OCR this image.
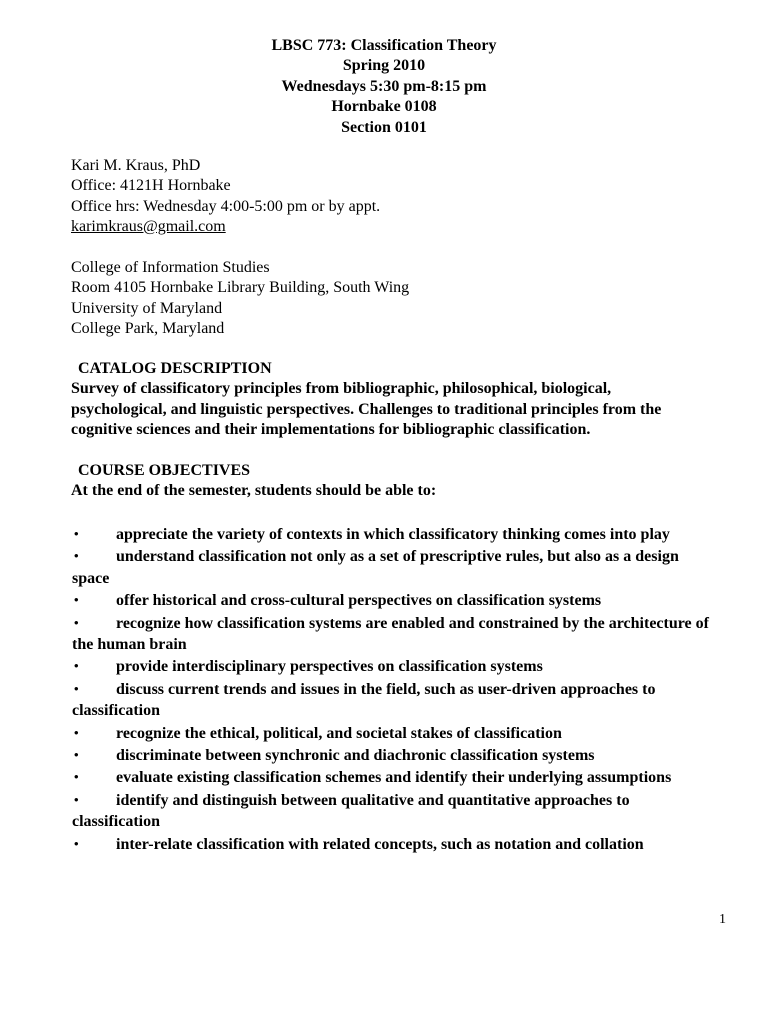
LBSC 773: Classification Theory
Spring 2010
Wednesdays 5:30 pm-8:15 pm
Hornbake 0108
Section 0101
Kari M. Kraus, PhD
Office: 4121H Hornbake
Office hrs: Wednesday 4:00-5:00 pm or by appt.
karimkraus@gmail.com
College of Information Studies
Room 4105 Hornbake Library Building, South Wing
University of Maryland
College Park, Maryland
CATALOG DESCRIPTION
Survey of classificatory principles from bibliographic, philosophical, biological,
psychological, and linguistic perspectives. Challenges to traditional principles from the
cognitive sciences and their implementations for bibliographic classification.
COURSE OBJECTIVES
At the end of the semester, students should be able to:
• appreciate the variety of contexts in which classificatory thinking comes into play
• understand classification not only as a set of prescriptive rules, but also as a design
space
• offer historical and cross-cultural perspectives on classification systems
• recognize how classification systems are enabled and constrained by the architecture of
the human brain
• provide interdisciplinary perspectives on classification systems
• discuss current trends and issues in the field, such as user-driven approaches to
classification
• recognize the ethical, political, and societal stakes of classification
• discriminate between synchronic and diachronic classification systems
• evaluate existing classification schemes and identify their underlying assumptions
• identify and distinguish between qualitative and quantitative approaches to
classification
• inter-relate classification with related concepts, such as notation and collation
1
